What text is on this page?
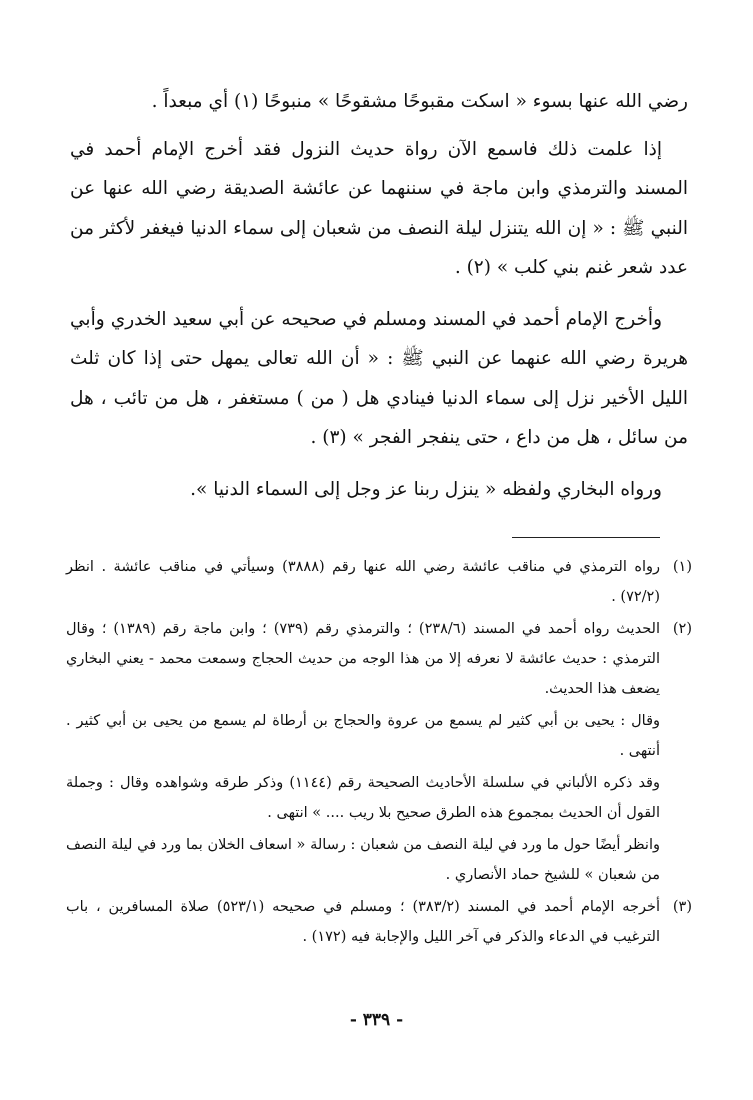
رضي الله عنها بسوء « اسكت مقبوحًا مشقوحًا » منبوحًا (١) أي مبعداً .

إذا علمت ذلك فاسمع الآن رواة حديث النزول فقد أخرج الإمام أحمد في المسند والترمذي وابن ماجة في سننهما عن عائشة الصديقة رضي الله عنها عن النبي ﷺ : « إن الله يتنزل ليلة النصف من شعبان إلى سماء الدنيا فيغفر لأكثر من عدد شعر غنم بني كلب » (٢) .

وأخرج الإمام أحمد في المسند ومسلم في صحيحه عن أبي سعيد الخدري وأبي هريرة رضي الله عنهما عن النبي ﷺ : « أن الله تعالى يمهل حتى إذا كان ثلث الليل الأخير نزل إلى سماء الدنيا فينادي هل ( من ) مستغفر ، هل من تائب ، هل من سائل ، هل من داع ، حتى ينفجر الفجر » (٣) .

ورواه البخاري ولفظه « ينزل ربنا عز وجل إلى السماء الدنيا ».

(١)

رواه الترمذي في مناقب عائشة رضي الله عنها رقم (٣٨٨٨) وسيأتي في مناقب عائشة . انظر (٧٢/٢) .

(٢)

الحديث رواه أحمد في المسند (٢٣٨/٦) ؛ والترمذي رقم (٧٣٩) ؛ وابن ماجة رقم (١٣٨٩) ؛ وقال الترمذي : حديث عائشة لا نعرفه إلا من هذا الوجه من حديث الحجاج وسمعت محمد - يعني البخاري يضعف هذا الحديث.

وقال : يحيى بن أبي كثير لم يسمع من عروة والحجاج بن أرطاة لم يسمع من يحيى بن أبي كثير . أنتهى .

وقد ذكره الألباني في سلسلة الأحاديث الصحيحة رقم (١١٤٤) وذكر طرقه وشواهده وقال : وجملة القول أن الحديث بمجموع هذه الطرق صحيح بلا ريب .... » انتهى .

وانظر أيضًا حول ما ورد في ليلة النصف من شعبان : رسالة « اسعاف الخلان بما ورد في ليلة النصف من شعبان » للشيخ حماد الأنصاري .

(٣)

أخرجه الإمام أحمد في المسند (٣٨٣/٢) ؛ ومسلم في صحيحه (٥٢٣/١) صلاة المسافرين ، باب الترغيب في الدعاء والذكر في آخر الليل والإجابة فيه (١٧٢) .

- ٣٣٩ -
